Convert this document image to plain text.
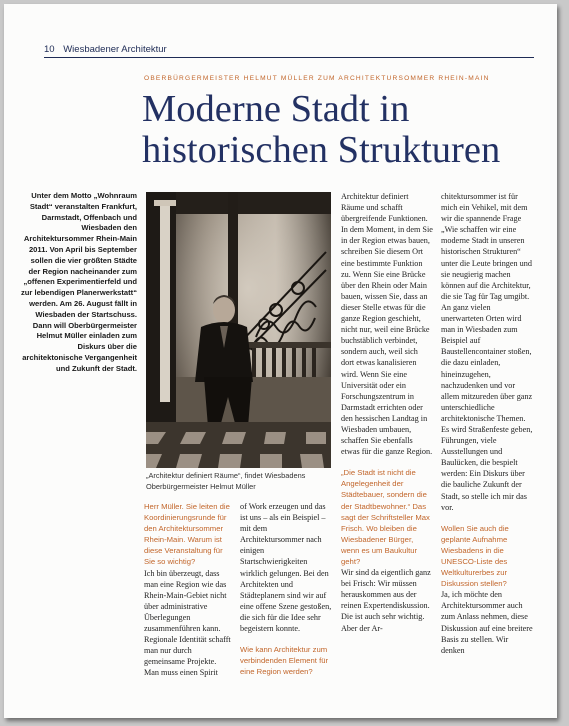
10 Wiesbadener Architektur
OBERBÜRGERMEISTER HELMUT MÜLLER ZUM ARCHITEKTURSOMMER RHEIN-MAIN
Moderne Stadt in
historischen Strukturen
Unter dem Motto „Wohnraum Stadt“ veranstalten Frankfurt, Darmstadt, Offenbach und Wiesbaden den Architektursommer Rhein-Main 2011. Von April bis September sollen die vier größten Städte der Region nacheinander zum „offenen Experimentierfeld und zur lebendigen Planerwerkstatt“ werden. Am 26. August fällt in Wiesbaden der Startschuss. Dann will Oberbürgermeister Helmut Müller einladen zum Diskurs über die architektonische Vergangenheit und Zukunft der Stadt.
„Architektur definiert Räume“, findet Wiesbadens Oberbürgermeister Helmut Müller

Architektur definiert Räume und schafft übergreifende Funktionen. In dem Moment, in dem Sie in der Region etwas bauen, schreiben Sie diesem Ort eine bestimmte Funktion zu. Wenn Sie eine Brücke über den Rhein oder Main bauen, wissen Sie, dass an dieser Stelle etwas für die ganze Region geschieht, nicht nur, weil eine Brücke buchstäblich verbindet, sondern auch, weil sich dort etwas kanalisieren wird. Wenn Sie eine Universität oder ein Forschungszentrum in Darmstadt errichten oder den hessischen Landtag in Wiesbaden umbauen, schaffen Sie ebenfalls etwas für die ganze Region.

„Die Stadt ist nicht die Angelegenheit der Städtebauer, sondern die der Stadtbewohner.“ Das sagt der Schriftsteller Max Frisch. Wo bleiben die Wiesbadener Bürger, wenn es um Baukultur geht?

Wir sind da eigentlich ganz bei Frisch: Wir müssen herauskommen aus der reinen Expertendiskussion. Die ist auch sehr wichtig. Aber der Ar-

chitektursommer ist für mich ein Vehikel, mit dem wir die spannende Frage „Wie schaffen wir eine moderne Stadt in unseren historischen Strukturen“ unter die Leute bringen und sie neugierig machen können auf die Architektur, die sie Tag für Tag umgibt. An ganz vielen unerwarteten Orten wird man in Wiesbaden zum Beispiel auf Baustellencontainer stoßen, die dazu einladen, hineinzugehen, nachzudenken und vor allem mitzureden über ganz unterschiedliche architektonische Themen. Es wird Straßenfeste geben, Führungen, viele Ausstellungen und Baulücken, die bespielt werden: Ein Diskurs über die bauliche Zukunft der Stadt, so stelle ich mir das vor.

Wollen Sie auch die geplante Aufnahme Wiesbadens in die UNESCO-Liste des Weltkulturerbes zur Diskussion stellen?

Ja, ich möchte den Architektursommer auch zum Anlass nehmen, diese Diskussion auf eine breitere Basis zu stellen. Wir denken

Herr Müller. Sie leiten die Koordinierungsrunde für den Architektursommer Rhein-Main. Warum ist diese Veranstaltung für Sie so wichtig?

Ich bin überzeugt, dass man eine Region wie das Rhein-Main-Gebiet nicht über administrative Überlegungen zusammenführen kann. Regionale Identität schafft man nur durch gemeinsame Projekte. Man muss einen Spirit

of Work erzeugen und das ist uns – als ein Beispiel – mit dem Architektursommer nach einigen Startschwierigkeiten wirklich gelungen. Bei den Architekten und Städteplanern sind wir auf eine offene Szene gestoßen, die sich für die Idee sehr begeistern konnte.

Wie kann Architektur zum verbindenden Element für eine Region werden?
